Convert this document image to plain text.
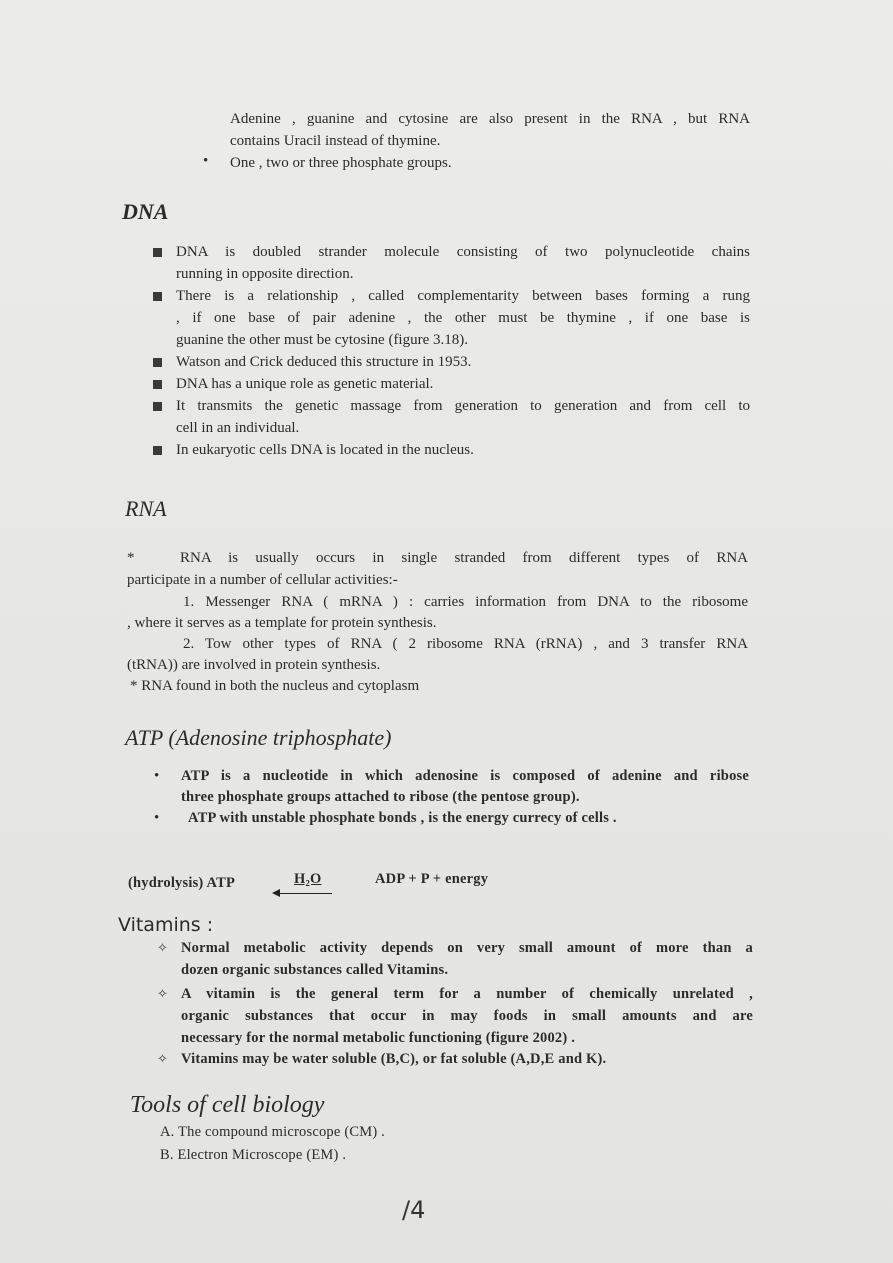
Adenine , guanine and cytosine are also present in the RNA , but RNA
contains Uracil instead of thymine.
• One , two or three phosphate groups.
DNA
DNA is doubled strander molecule consisting of two polynucleotide chains
running in opposite direction.
There is a relationship , called complementarity between bases forming a rung
, if one base of pair adenine , the other must be thymine , if one base is
guanine the other must be cytosine (figure 3.18).
Watson and Crick deduced this structure in 1953.
DNA has a unique role as genetic material.
It transmits the genetic massage from generation to generation and from cell to
cell in an individual.
In eukaryotic cells DNA is located in the nucleus.
RNA
*	RNA is usually occurs in single stranded from different types of RNA
participate in a number of cellular activities:-
1. Messenger RNA ( mRNA ) : carries information from DNA to the ribosome
, where it serves as a template for protein synthesis.
2. Tow other types of RNA ( 2 ribosome RNA (rRNA) , and 3 transfer RNA
(tRNA)) are involved in protein synthesis.
* RNA found in both the nucleus and cytoplasm
ATP (Adenosine triphosphate)
• ATP is a nucleotide in which adenosine is composed of adenine and ribose
three phosphate groups attached to ribose (the pentose group).
• ATP with unstable phosphate bonds , is the energy currecy of cells .
(hydrolysis) ATP	H₂O	ADP + P + energy
Vitamins :
✧ Normal metabolic activity depends on very small amount of more than a
dozen organic substances called Vitamins.
✧ A vitamin is the general term for a number of chemically unrelated ,
organic substances that occur in may foods in small amounts and are
necessary for the normal metabolic functioning (figure 2002) .
✧ Vitamins may be water soluble (B,C), or fat soluble (A,D,E and K).
Tools of cell biology
A. The compound microscope (CM) .
B. Electron Microscope (EM) .
/4
